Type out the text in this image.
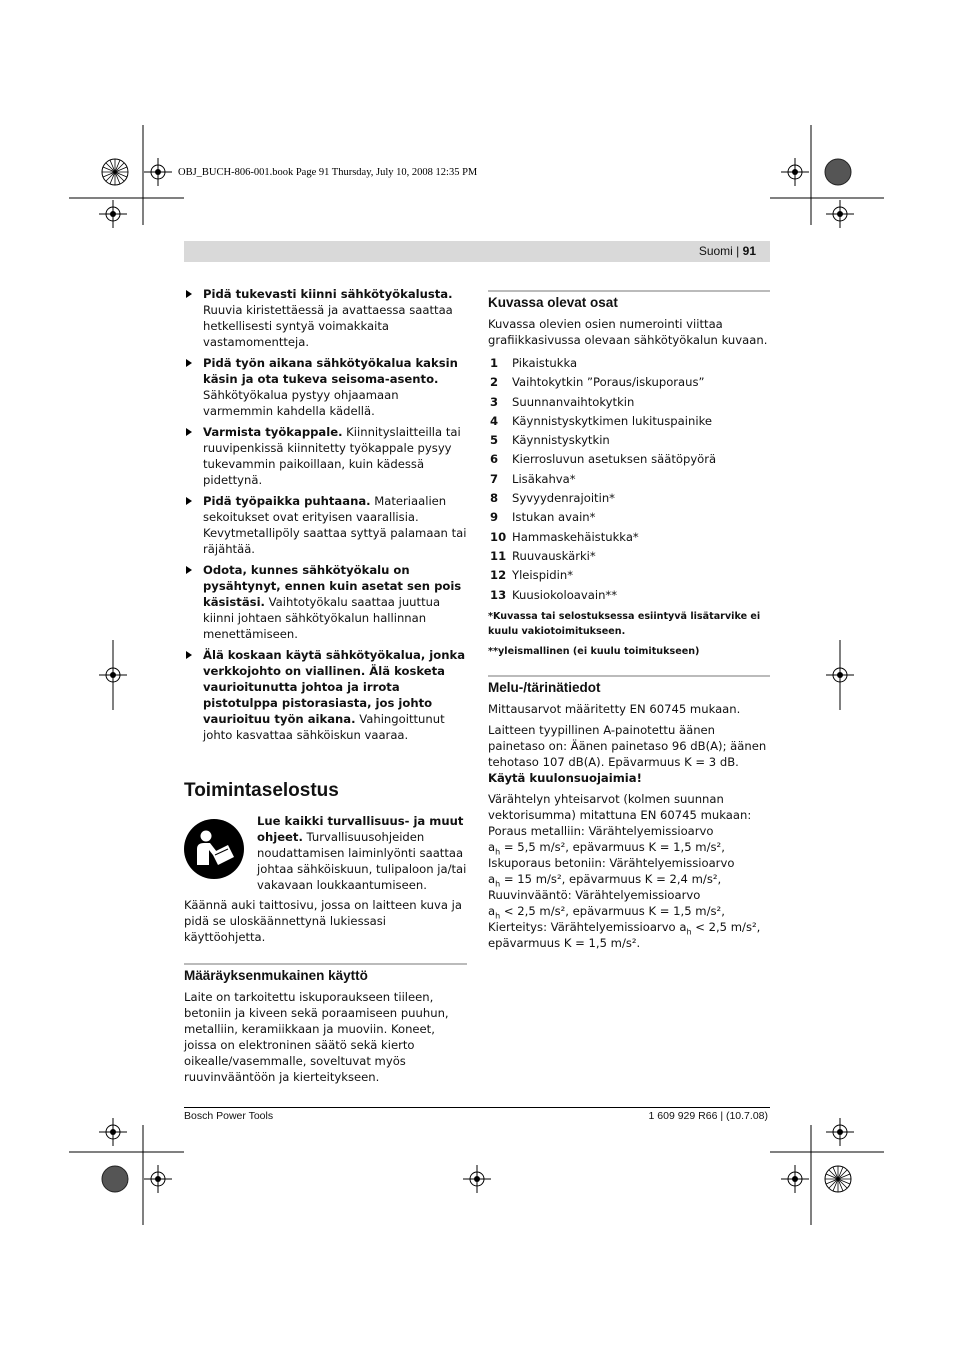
OBJ_BUCH-806-001.book Page 91 Thursday, July 10, 2008 12:35 PM
Suomi | 91
Pidä tukevasti kiinni sähkötyökalusta. Ruuvia kiristettäessä ja avattaessa saattaa hetkellisesti syntyä voimakkaita vastamomentteja.
Pidä työn aikana sähkötyökalua kaksin käsin ja ota tukeva seisoma-asento. Sähkötyökalua pystyy ohjaamaan varmemmin kahdella kädellä.
Varmista työkappale. Kiinnityslaitteilla tai ruuvipenkissä kiinnitetty työkappale pysyy tukevammin paikoillaan, kuin kädessä pidettynä.
Pidä työpaikka puhtaana. Materiaalien sekoitukset ovat erityisen vaarallisia. Kevytmetallipöly saattaa syttyä palamaan tai räjähtää.
Odota, kunnes sähkötyökalu on pysähtynyt, ennen kuin asetat sen pois käsistäsi. Vaihtotyökalu saattaa juuttua kiinni johtaen sähkötyökalun hallinnan menettämiseen.
Älä koskaan käytä sähkötyökalua, jonka verkkojohto on viallinen. Älä kosketa vaurioitunutta johtoa ja irrota pistotulppa pistorasiasta, jos johto vaurioituu työn aikana. Vahingoittunut johto kasvattaa sähköiskun vaaraa.
Toimintaselostus
Lue kaikki turvallisuus- ja muut ohjeet. Turvallisuusohjeiden noudattamisen laiminlyönti saattaa johtaa sähköiskuun, tulipaloon ja/tai vakavaan loukkaantumiseen.
Käännä auki taittosivu, jossa on laitteen kuva ja pidä se uloskäännettynä lukiessasi käyttöohjetta.
Määräyksenmukainen käyttö
Laite on tarkoitettu iskuporaukseen tiileen, betoniin ja kiveen sekä poraamiseen puuhun, metalliin, keramiikkaan ja muoviin. Koneet, joissa on elektroninen säätö sekä kierto oikealle/vasemmalle, soveltuvat myös ruuvinvääntöön ja kierteitykseen.
Kuvassa olevat osat
Kuvassa olevien osien numerointi viittaa grafiikkasivussa olevaan sähkötyökalun kuvaan.
1	Pikaistukka
2	Vaihtokytkin ”Poraus/iskuporaus”
3	Suunnanvaihtokytkin
4	Käynnistyskytkimen lukituspainike
5	Käynnistyskytkin
6	Kierrosluvun asetuksen säätöpyörä
7	Lisäkahva*
8	Syvyydenrajoitin*
9	Istukan avain*
10 Hammaskehäistukka*
11 Ruuvauskärki*
12 Yleispidin*
13 Kuusiokoloavain**
*Kuvassa tai selostuksessa esiintyvä lisätarvike ei kuulu vakiotoimitukseen.
**yleismallinen (ei kuulu toimitukseen)
Melu-/tärinätiedot
Mittausarvot määritetty EN 60745 mukaan.
Laitteen tyypillinen A-painotettu äänen painetaso on: Äänen painetaso 96 dB(A); äänen tehotaso 107 dB(A). Epävarmuus K = 3 dB.
Käytä kuulonsuojaimia!
Värähtelyn yhteisarvot (kolmen suunnan vektorisumma) mitattuna EN 60745 mukaan:
Poraus metalliin: Värähtelyemissioarvo
$a_h = 5,5$ m/s², epävarmuus K = 1,5 m/s²,
Iskuporaus betoniin: Värähtelyemissioarvo
$a_h = 15$ m/s², epävarmuus K = 2,4 m/s²,
Ruuvinvääntö: Värähtelyemissioarvo
$a_h < 2,5$ m/s², epävarmuus K = 1,5 m/s²,
Kierteitys: Värähtelyemissioarvo $a_h < 2,5$ m/s²,
epävarmuus K = 1,5 m/s².
Bosch Power Tools	1 609 929 R66 | (10.7.08)
